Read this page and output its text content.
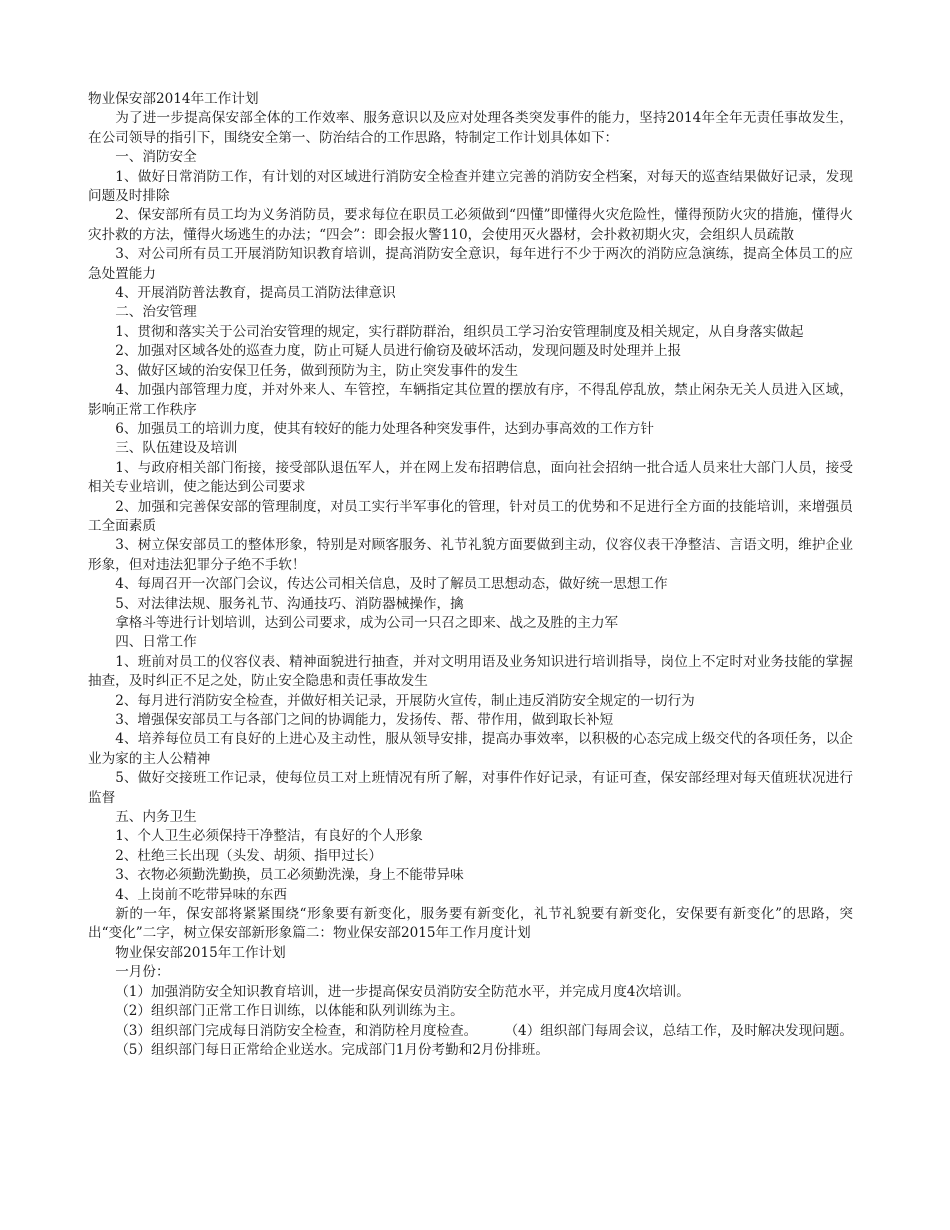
物业保安部2014年工作计划

为了进一步提高保安部全体的工作效率、服务意识以及应对处理各类突发事件的能力，坚持2014年全年无责任事故发生，在公司领导的指引下，围绕安全第一、防治结合的工作思路，特制定工作计划具体如下：

一、消防安全

1、做好日常消防工作，有计划的对区域进行消防安全检查并建立完善的消防安全档案，对每天的巡查结果做好记录，发现问题及时排除

2、保安部所有员工均为义务消防员，要求每位在职员工必须做到“四懂”即懂得火灾危险性，懂得预防火灾的措施，懂得火灾扑救的方法，懂得火场逃生的办法；“四会”：即会报火警110，会使用灭火器材，会扑救初期火灾，会组织人员疏散

3、对公司所有员工开展消防知识教育培训，提高消防安全意识，每年进行不少于两次的消防应急演练，提高全体员工的应急处置能力

4、开展消防普法教育，提高员工消防法律意识

二、治安管理

1、贯彻和落实关于公司治安管理的规定，实行群防群治，组织员工学习治安管理制度及相关规定，从自身落实做起

2、加强对区域各处的巡查力度，防止可疑人员进行偷窃及破坏活动，发现问题及时处理并上报

3、做好区域的治安保卫任务，做到预防为主，防止突发事件的发生

4、加强内部管理力度，并对外来人、车管控，车辆指定其位置的摆放有序，不得乱停乱放，禁止闲杂无关人员进入区域，影响正常工作秩序

6、加强员工的培训力度，使其有较好的能力处理各种突发事件，达到办事高效的工作方针

三、队伍建设及培训

1、与政府相关部门衔接，接受部队退伍军人，并在网上发布招聘信息，面向社会招纳一批合适人员来壮大部门人员，接受相关专业培训，使之能达到公司要求

2、加强和完善保安部的管理制度，对员工实行半军事化的管理，针对员工的优势和不足进行全方面的技能培训，来增强员工全面素质

3、树立保安部员工的整体形象，特别是对顾客服务、礼节礼貌方面要做到主动，仪容仪表干净整洁、言语文明，维护企业形象，但对违法犯罪分子绝不手软！

4、每周召开一次部门会议，传达公司相关信息，及时了解员工思想动态，做好统一思想工作

5、对法律法规、服务礼节、沟通技巧、消防器械操作，擒

拿格斗等进行计划培训，达到公司要求，成为公司一只召之即来、战之及胜的主力军

四、日常工作

1、班前对员工的仪容仪表、精神面貌进行抽查，并对文明用语及业务知识进行培训指导，岗位上不定时对业务技能的掌握抽查，及时纠正不足之处，防止安全隐患和责任事故发生

2、每月进行消防安全检查，并做好相关记录，开展防火宣传，制止违反消防安全规定的一切行为

3、增强保安部员工与各部门之间的协调能力，发扬传、帮、带作用，做到取长补短

4、培养每位员工有良好的上进心及主动性，服从领导安排，提高办事效率，以积极的心态完成上级交代的各项任务，以企业为家的主人公精神

5、做好交接班工作记录，使每位员工对上班情况有所了解，对事件作好记录，有证可查，保安部经理对每天值班状况进行监督

五、内务卫生

1、个人卫生必须保持干净整洁，有良好的个人形象

2、杜绝三长出现（头发、胡须、指甲过长）

3、衣物必须勤洗勤换，员工必须勤洗澡，身上不能带异味

4、上岗前不吃带异味的东西

新的一年，保安部将紧紧围绕“形象要有新变化，服务要有新变化，礼节礼貌要有新变化，安保要有新变化”的思路，突出“变化”二字，树立保安部新形象篇二：物业保安部2015年工作月度计划

物业保安部2015年工作计划

一月份：

（1）加强消防安全知识教育培训，进一步提高保安员消防安全防范水平，并完成月度4次培训。

（2）组织部门正常工作日训练，以体能和队列训练为主。

（3）组织部门完成每日消防安全检查，和消防栓月度检查。　　　（4）组织部门每周会议，总结工作，及时解决发现问题。

（5）组织部门每日正常给企业送水。完成部门1月份考勤和2月份排班。
